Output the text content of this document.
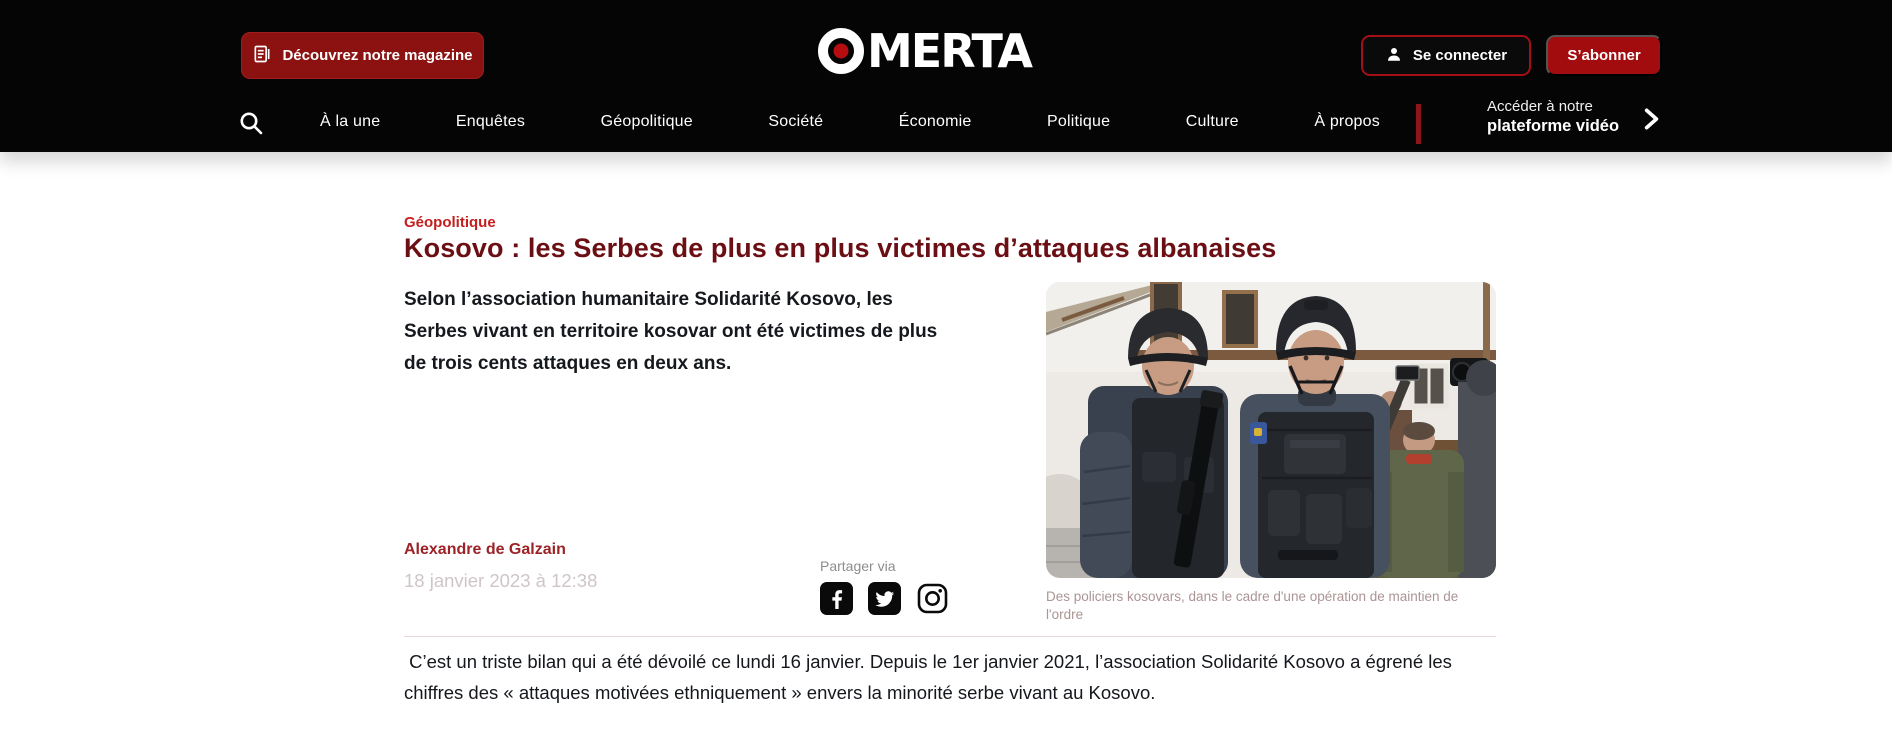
Découvrez notre magazine	MERTA	Se connecter	S’abonner
À la une	Enquêtes	Géopolitique	Société	Économie	Politique	Culture	À propos
Accéder à notre
plateforme vidéo
Géopolitique
Kosovo : les Serbes de plus en plus victimes d’attaques albanaises

Selon l’association humanitaire Solidarité Kosovo, les Serbes vivant en territoire kosovar ont été victimes de plus de trois cents attaques en deux ans.

Alexandre de Galzain
18 janvier 2023 à 12:38
Partager via
Des policiers kosovars, dans le cadre d'une opération de maintien de l'ordre

C’est un triste bilan qui a été dévoilé ce lundi 16 janvier. Depuis le 1er janvier 2021, l’association Solidarité Kosovo a égrené les chiffres des « attaques motivées ethniquement » envers la minorité serbe vivant au Kosovo.
